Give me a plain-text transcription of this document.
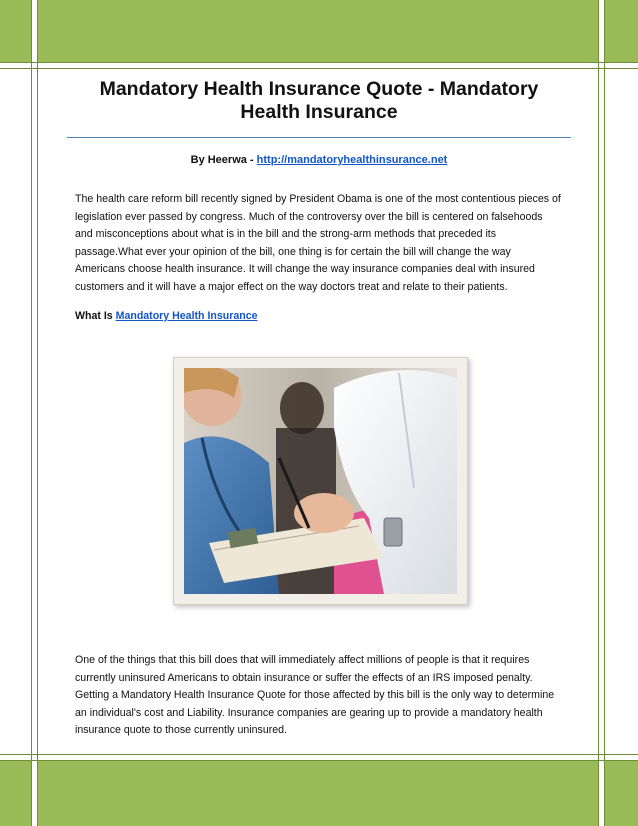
Mandatory Health Insurance Quote - Mandatory Health Insurance
By Heerwa - http://mandatoryhealthinsurance.net

The health care reform bill recently signed by President Obama is one of the most contentious pieces of legislation ever passed by congress. Much of the controversy over the bill is centered on falsehoods and misconceptions about what is in the bill and the strong-arm methods that preceded its passage.What ever your opinion of the bill, one thing is for certain the bill will change the way Americans choose health insurance. It will change the way insurance companies deal with insured customers and it will have a major effect on the way doctors treat and relate to their patients.

What Is Mandatory Health Insurance

One of the things that this bill does that will immediately affect millions of people is that it requires currently uninsured Americans to obtain insurance or suffer the effects of an IRS imposed penalty. Getting a Mandatory Health Insurance Quote for those affected by this bill is the only way to determine an individual's cost and Liability. Insurance companies are gearing up to provide a mandatory health insurance quote to those currently uninsured.
